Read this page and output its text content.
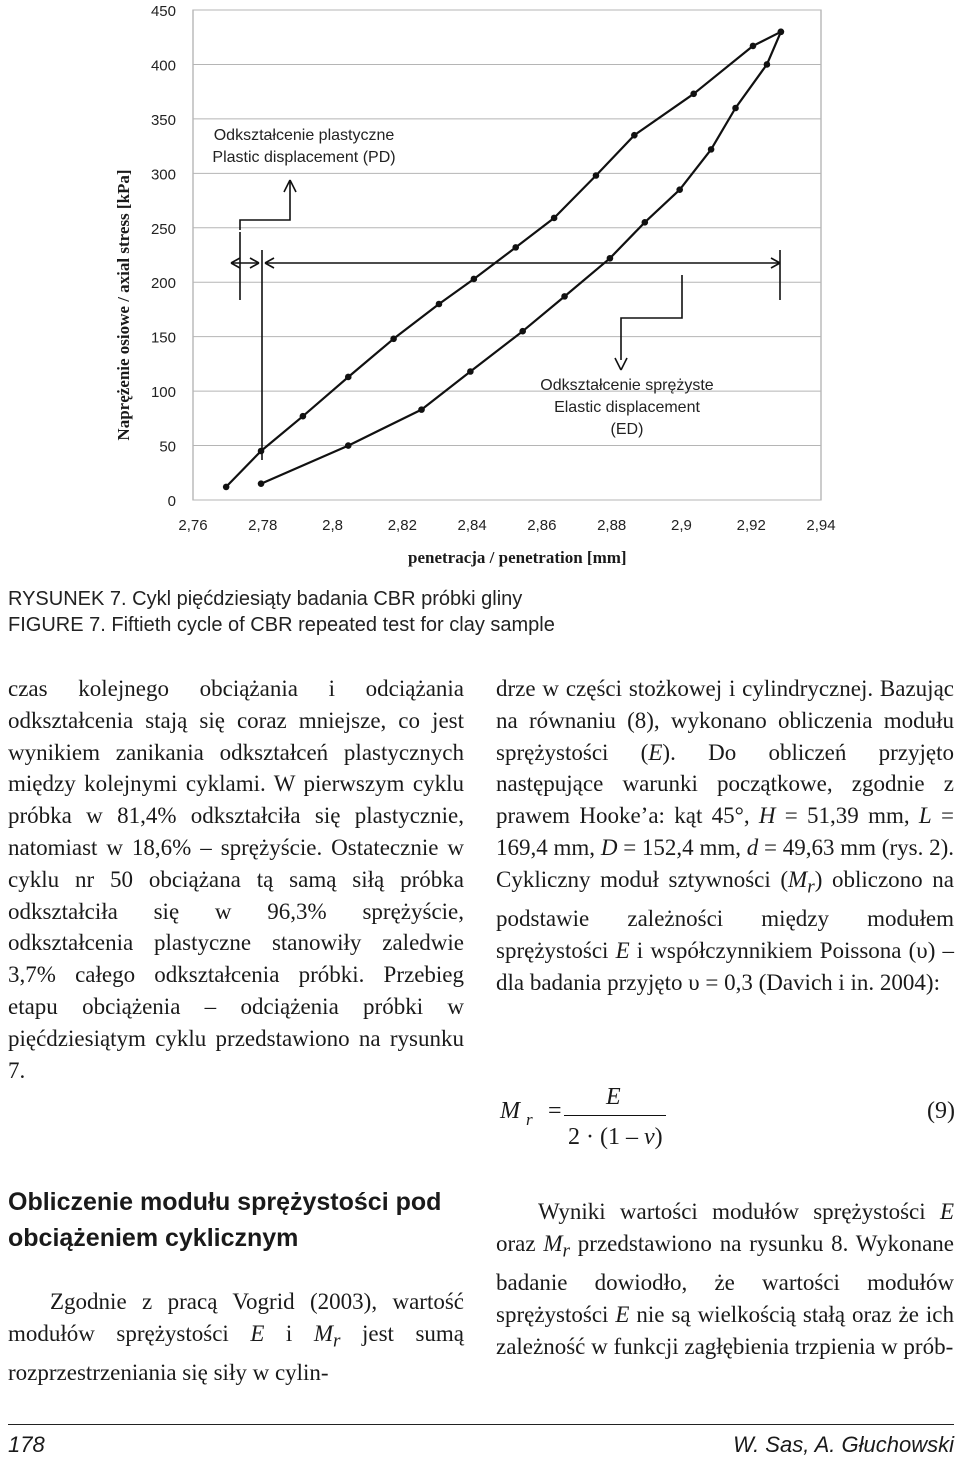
0
50
100
150
200
250
300
350
400
450
2,76	2,78	2,8	2,82	2,84	2,86	2,88	2,9	2,92	2,94
Odkształcenie plastyczne
Plastic displacement (PD)
Odkształcenie sprężyste
Elastic displacement
(ED)
Naprężenie osiowe / axial stress [kPa]
penetracja / penetration [mm]
RYSUNEK 7. Cykl pięćdziesiąty badania CBR próbki gliny
FIGURE 7. Fiftieth cycle of CBR repeated test for clay sample

czas kolejnego obciążania i odciążania odkształcenia stają się coraz mniejsze, co jest wynikiem zanikania odkształceń plastycznych między kolejnymi cyklami. W pierwszym cyklu próbka w 81,4% odkształciła się plastycznie, natomiast w 18,6% – sprężyście. Ostatecznie w cyklu nr 50 obciążana tą samą siłą próbka odkształciła się w 96,3% sprężyście, odkształcenia plastyczne stanowiły zaledwie 3,7% całego odkształcenia próbki. Przebieg etapu obciążenia – odciążenia próbki w pięćdziesiątym cyklu przedstawiono na rysunku 7.

Obliczenie modułu sprężystości pod obciążeniem cyklicznym

Zgodnie z pracą Vogrid (2003), wartość modułów sprężystości E i $M_r$ jest sumą rozprzestrzeniania się siły w cylin-

drze w części stożkowej i cylindrycznej. Bazując na równaniu (8), wykonano obliczenia modułu sprężystości (E). Do obliczeń przyjęto następujące warunki początkowe, zgodnie z prawem Hooke’a: kąt 45°, H = 51,39 mm, L = 169,4 mm, D = 152,4 mm, d = 49,63 mm (rys. 2). Cykliczny moduł sztywności $(M_r)$ obliczono na podstawie zależności między modułem sprężystości E i współczynnikiem Poissona (υ) – dla badania przyjęto υ = 0,3 (Davich i in. 2004):

M r =
E
2 · (1 – ν)
(9)

Wyniki wartości modułów sprężystości E oraz $M_r$ przedstawiono na rysunku 8. Wykonane badanie dowiodło, że wartości modułów sprężystości E nie są wielkością stałą oraz że ich zależność w funkcji zagłębienia trzpienia w prób-

178	W. Sas, A. Głuchowski
